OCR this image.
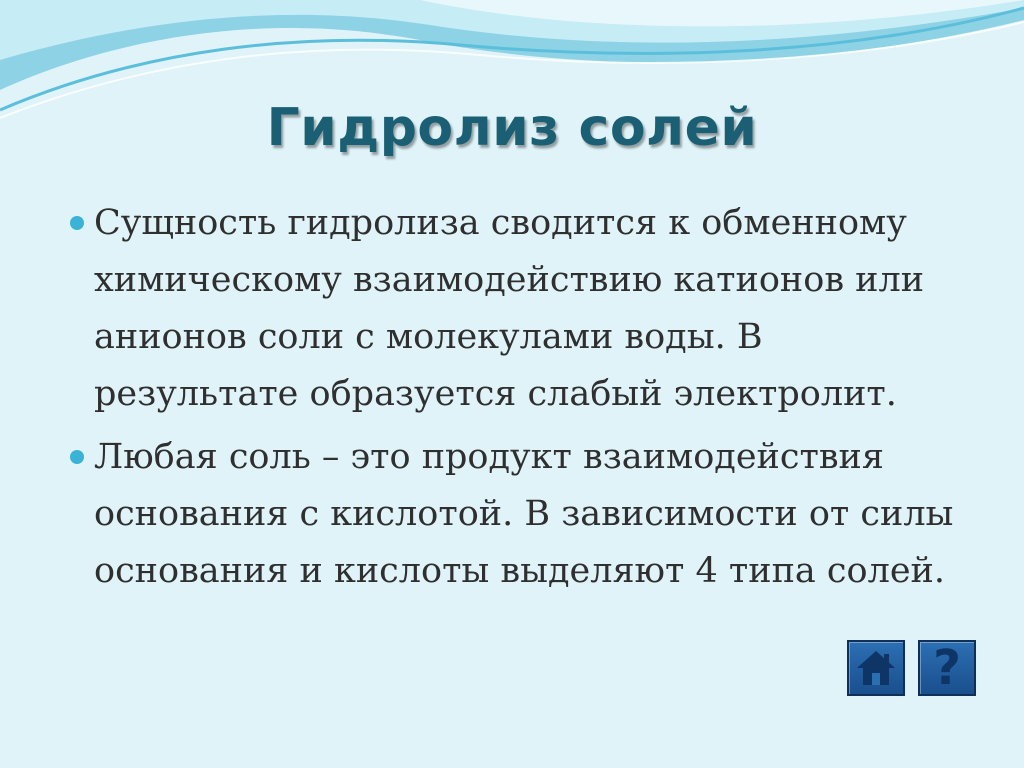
Гидролиз солей
Сущность гидролиза сводится к обменному химическому взаимодействию катионов или анионов соли с молекулами воды. В результате образуется слабый электролит.
Любая соль – это продукт взаимодействия основания с кислотой. В зависимости от силы основания и кислоты выделяют 4 типа солей.
?
